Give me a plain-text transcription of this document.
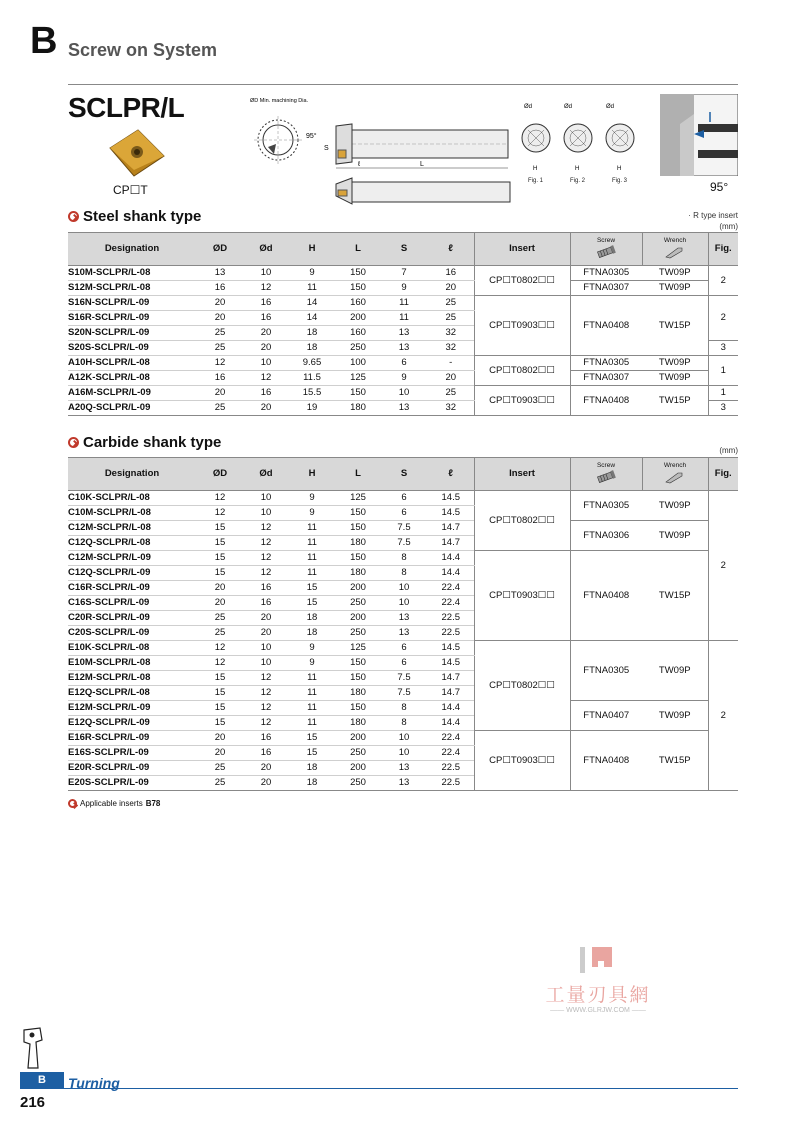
B Screw on System
SCLPR/L
CP☐T
ØD Min. machining Dia.
95°
S
ℓ	L
Ød
H
Fig. 1
Ød
H
Fig. 2
Ød
H
Fig. 3	95°
Steel shank type	· R type insert
(mm)
Designation	ØD	Ød	H	L	S	ℓ	Insert	Screw	Wrench	Fig.
S10M-SCLPR/L-08	13	10	9	150	7	16	CP☐T0802☐☐	FTNA0305	TW09P	2
S12M-SCLPR/L-08	16	12	11	150	9	20		FTNA0307	TW09P	
S16N-SCLPR/L-09	20	16	14	160	11	25	CP☐T0903☐☐	FTNA0408	TW15P	2
S16R-SCLPR/L-09	20	16	14	200	11	25				
S20N-SCLPR/L-09	25	20	18	160	13	32				
S20S-SCLPR/L-09	25	20	18	250	13	32				3
A10H-SCLPR/L-08	12	10	9.65	100	6	-	CP☐T0802☐☐	FTNA0305	TW09P	1
A12K-SCLPR/L-08	16	12	11.5	125	9	20		FTNA0307	TW09P	
A16M-SCLPR/L-09	20	16	15.5	150	10	25	CP☐T0903☐☐	FTNA0408	TW15P	1
A20Q-SCLPR/L-09	25	20	19	180	13	32				3
Carbide shank type	(mm)
Designation	ØD	Ød	H	L	S	ℓ	Insert	Screw	Wrench	Fig.
C10K-SCLPR/L-08	12	10	9	125	6	14.5	CP☐T0802☐☐	FTNA0305	TW09P	2
C10M-SCLPR/L-08	12	10	9	150	6	14.5				
C12M-SCLPR/L-08	15	12	11	150	7.5	14.7		FTNA0306	TW09P	
C12Q-SCLPR/L-08	15	12	11	180	7.5	14.7				
C12M-SCLPR/L-09	15	12	11	150	8	14.4	CP☐T0903☐☐	FTNA0408	TW15P	
C12Q-SCLPR/L-09	15	12	11	180	8	14.4				
C16R-SCLPR/L-09	20	16	15	200	10	22.4				
C16S-SCLPR/L-09	20	16	15	250	10	22.4				
C20R-SCLPR/L-09	25	20	18	200	13	22.5				
C20S-SCLPR/L-09	25	20	18	250	13	22.5				
E10K-SCLPR/L-08	12	10	9	125	6	14.5	CP☐T0802☐☐	FTNA0305	TW09P	2
E10M-SCLPR/L-08	12	10	9	150	6	14.5				
E12M-SCLPR/L-08	15	12	11	150	7.5	14.7				
E12Q-SCLPR/L-08	15	12	11	180	7.5	14.7				
E12M-SCLPR/L-09	15	12	11	150	8	14.4		FTNA0407	TW09P	
E12Q-SCLPR/L-09	15	12	11	180	8	14.4				
E16R-SCLPR/L-09	20	16	15	200	10	22.4	CP☐T0903☐☐	FTNA0408	TW15P	
E16S-SCLPR/L-09	20	16	15	250	10	22.4				
E20R-SCLPR/L-09	25	20	18	200	13	22.5				
E20S-SCLPR/L-09	25	20	18	250	13	22.5				
Applicable inserts B78
工量刃具網
—— WWW.GLRJW.COM ——
B	Turning
216
